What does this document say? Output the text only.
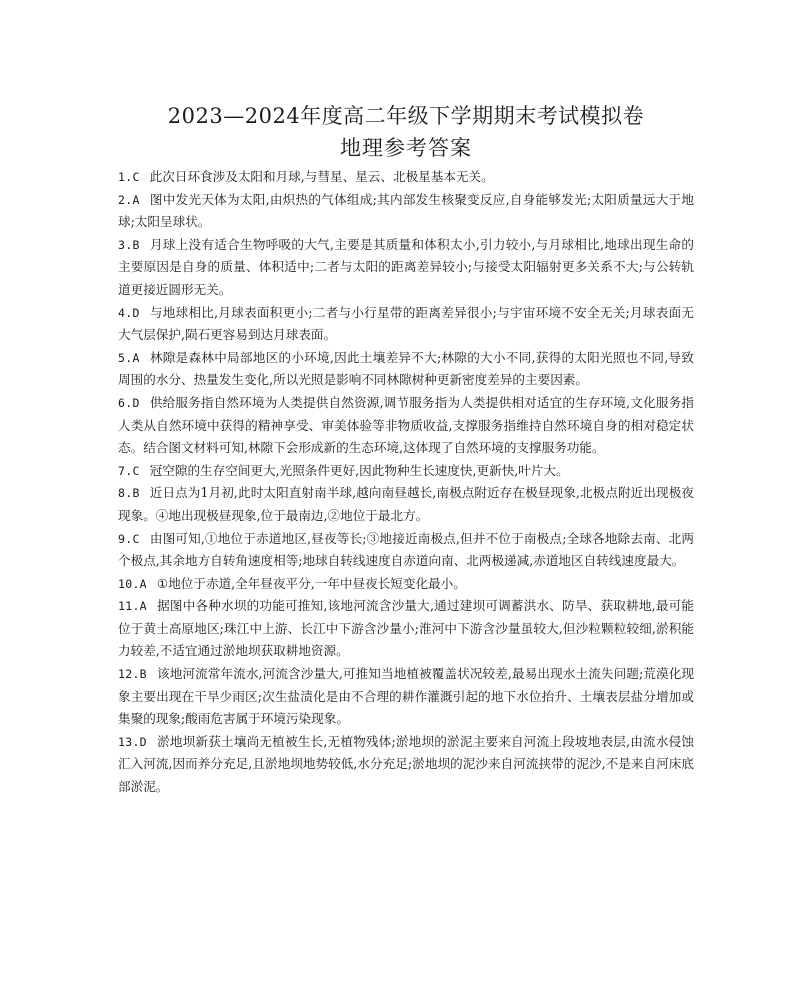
2023—2024年度高二年级下学期期末考试模拟卷
地理参考答案
1.C 此次日环食涉及太阳和月球,与彗星、星云、北极星基本无关。
2.A 图中发光天体为太阳,由炽热的气体组成;其内部发生核聚变反应,自身能够发光;太阳质量远大于地球;太阳呈球状。
3.B 月球上没有适合生物呼吸的大气,主要是其质量和体积太小,引力较小,与月球相比,地球出现生命的主要原因是自身的质量、体积适中;二者与太阳的距离差异较小;与接受太阳辐射更多关系不大;与公转轨道更接近圆形无关。
4.D 与地球相比,月球表面积更小;二者与小行星带的距离差异很小;与宇宙环境不安全无关;月球表面无大气层保护,陨石更容易到达月球表面。
5.A 林隙是森林中局部地区的小环境,因此土壤差异不大;林隙的大小不同,获得的太阳光照也不同,导致周围的水分、热量发生变化,所以光照是影响不同林隙树种更新密度差异的主要因素。
6.D 供给服务指自然环境为人类提供自然资源,调节服务指为人类提供相对适宜的生存环境,文化服务指人类从自然环境中获得的精神享受、审美体验等非物质收益,支撑服务指维持自然环境自身的相对稳定状态。结合图文材料可知,林隙下会形成新的生态环境,这体现了自然环境的支撑服务功能。
7.C 冠空隙的生存空间更大,光照条件更好,因此物种生长速度快,更新快,叶片大。
8.B 近日点为1月初,此时太阳直射南半球,越向南昼越长,南极点附近存在极昼现象,北极点附近出现极夜现象。④地出现极昼现象,位于最南边,②地位于最北方。
9.C 由图可知,①地位于赤道地区,昼夜等长;③地接近南极点,但并不位于南极点;全球各地除去南、北两个极点,其余地方自转角速度相等;地球自转线速度自赤道向南、北两极递减,赤道地区自转线速度最大。
10.A ①地位于赤道,全年昼夜平分,一年中昼夜长短变化最小。
11.A 据图中各种水坝的功能可推知,该地河流含沙量大,通过建坝可调蓄洪水、防旱、获取耕地,最可能位于黄土高原地区;珠江中上游、长江中下游含沙量小;淮河中下游含沙量虽较大,但沙粒颗粒较细,淤积能力较差,不适宜通过淤地坝获取耕地资源。
12.B 该地河流常年流水,河流含沙量大,可推知当地植被覆盖状况较差,最易出现水土流失问题;荒漠化现象主要出现在干旱少雨区;次生盐渍化是由不合理的耕作灌溉引起的地下水位抬升、土壤表层盐分增加或集聚的现象;酸雨危害属于环境污染现象。
13.D 淤地坝新获土壤尚无植被生长,无植物残体;淤地坝的淤泥主要来自河流上段坡地表层,由流水侵蚀汇入河流,因而养分充足,且淤地坝地势较低,水分充足;淤地坝的泥沙来自河流挟带的泥沙,不是来自河床底部淤泥。
